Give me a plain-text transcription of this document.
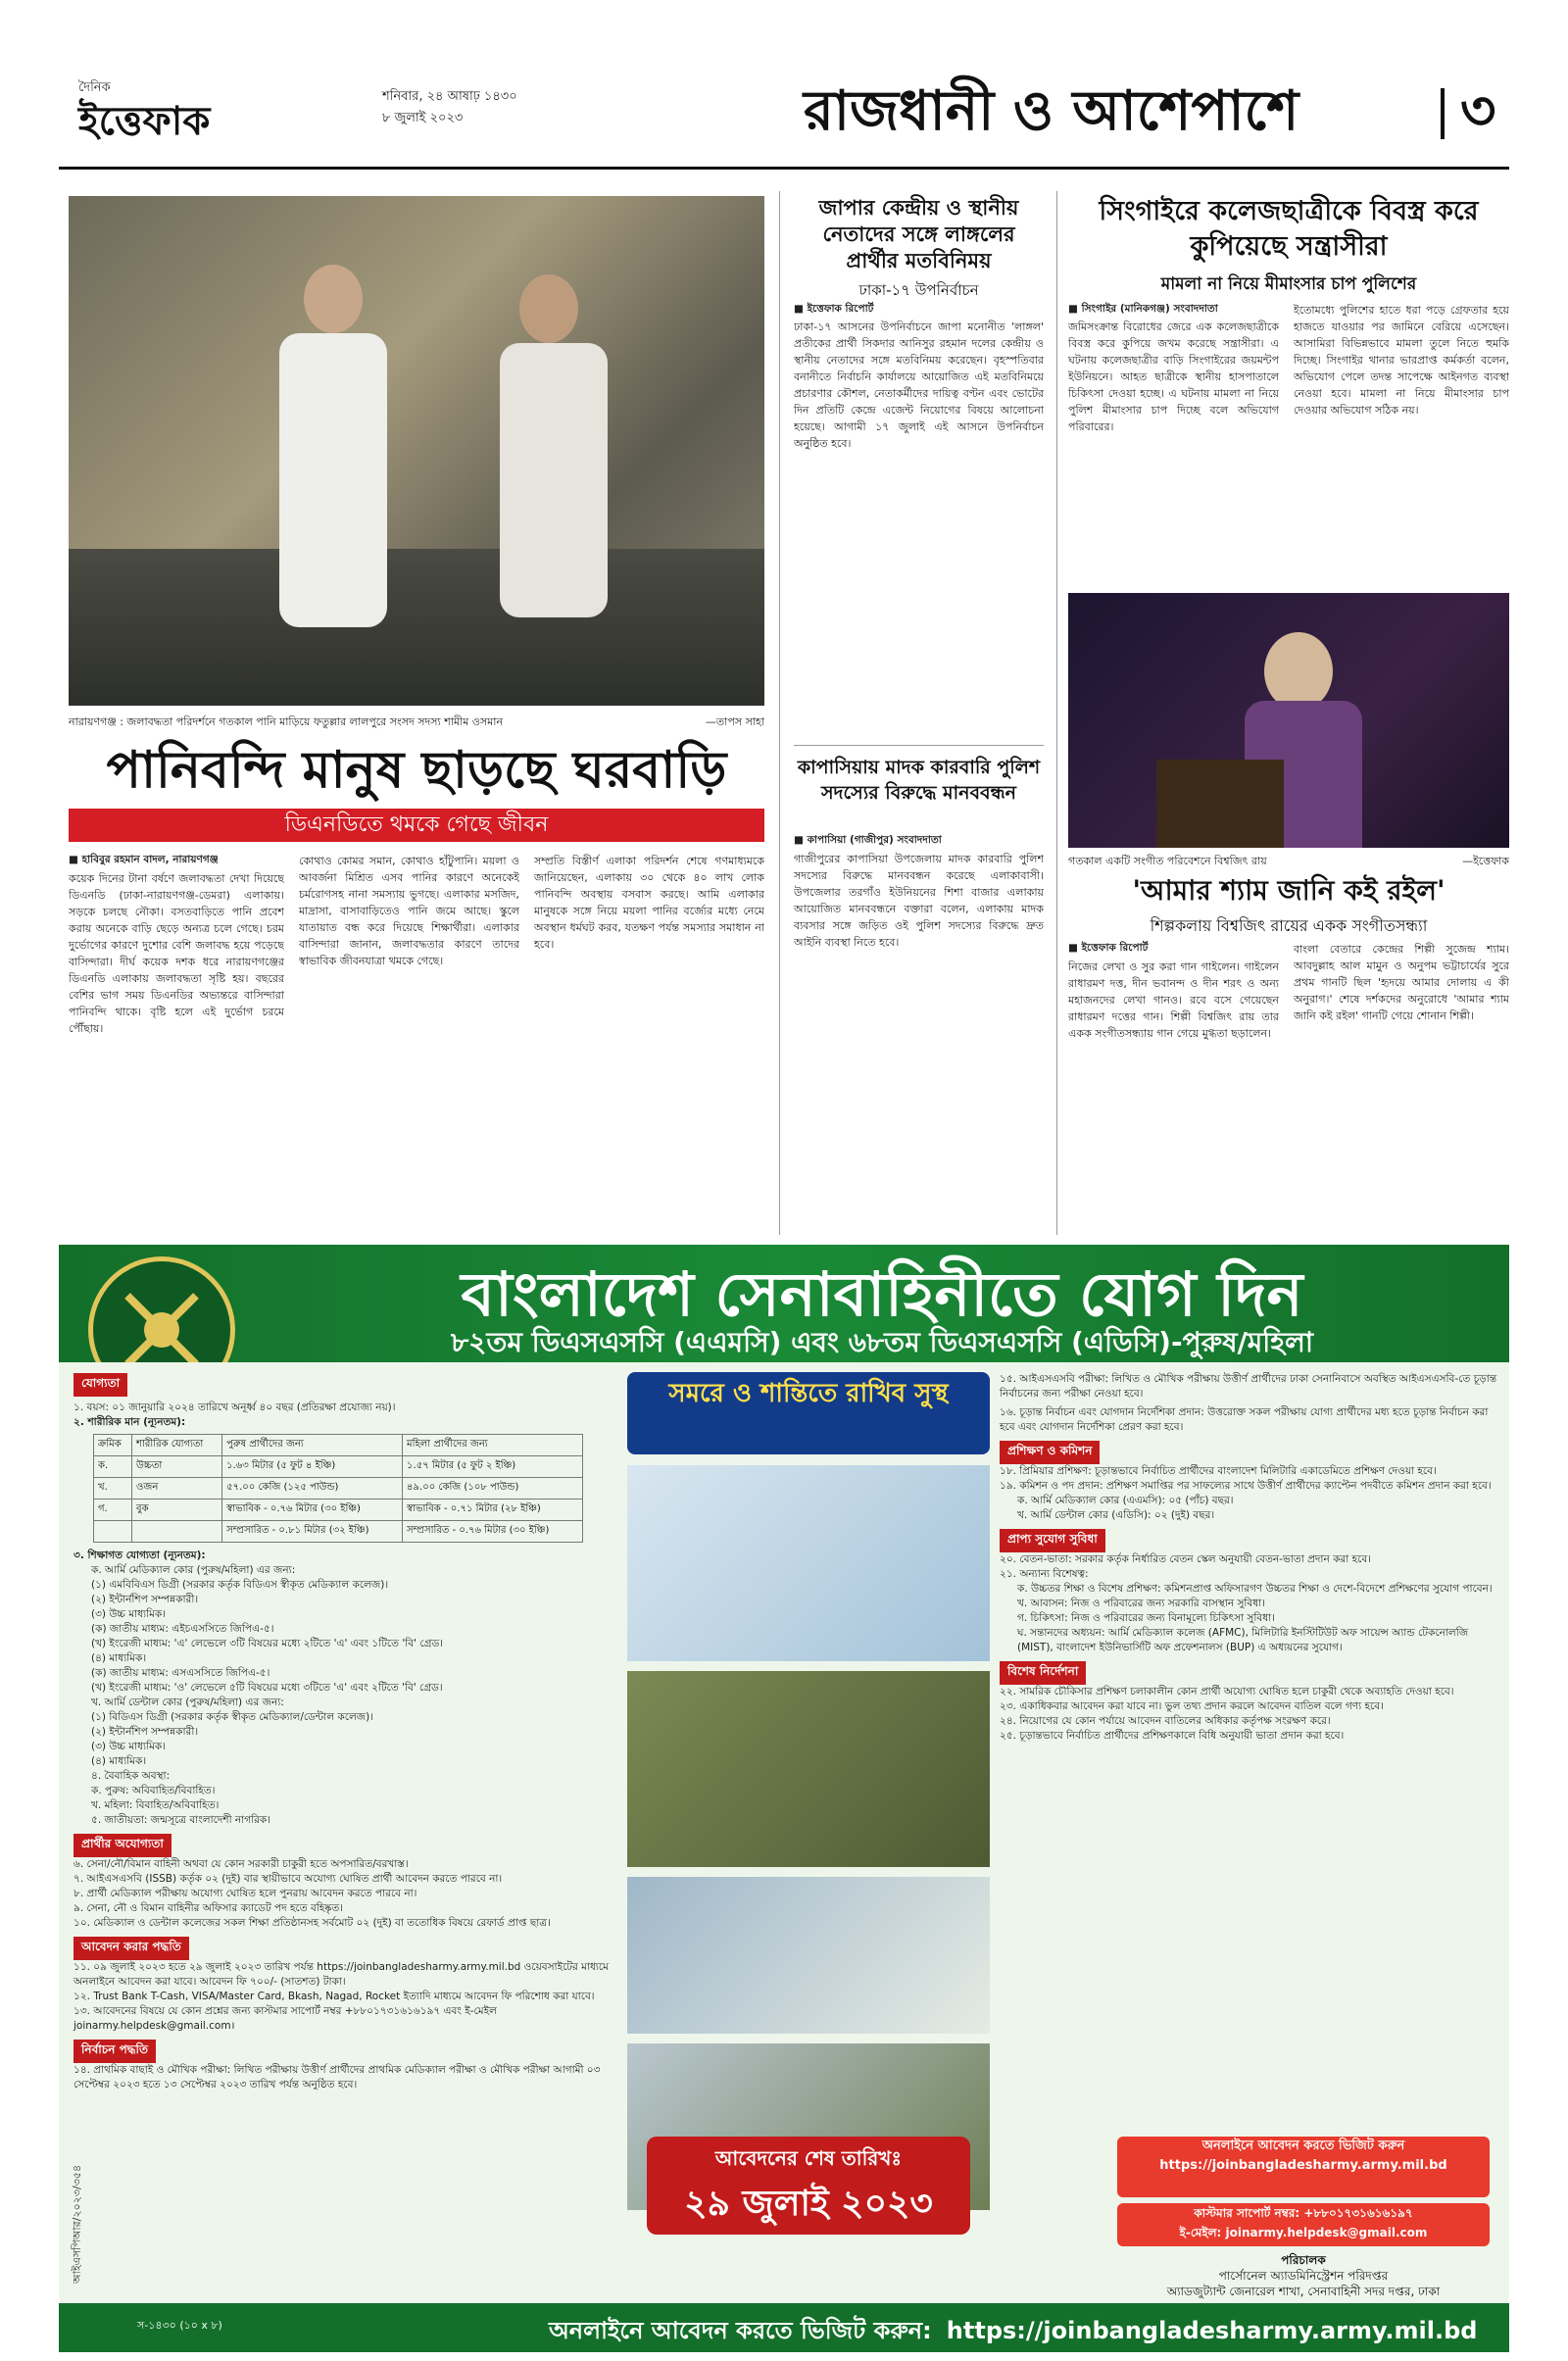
দৈনিক
ইত্তেফাক
শনিবার, ২৪ আষাঢ় ১৪৩০
৮ জুলাই ২০২৩	রাজধানী ও আশেপাশে	৩
নারায়ণগঞ্জ : জলাবদ্ধতা পরিদর্শনে গতকাল পানি মাড়িয়ে ফতুল্লার লালপুরে সংসদ সদস্য শামীম ওসমান	—তাপস সাহা
পানিবন্দি মানুষ ছাড়ছে ঘরবাড়ি
ডিএনডিতে থমকে গেছে জীবন
■ হাবিবুর রহমান বাদল, নারায়ণগঞ্জ
কয়েক দিনের টানা বর্ষণে জলাবদ্ধতা দেখা দিয়েছে ডিএনডি (ঢাকা-নারায়ণগঞ্জ-ডেমরা) এলাকায়। সড়কে চলছে নৌকা। বসতবাড়িতে পানি প্রবেশ করায় অনেকে বাড়ি ছেড়ে অন্যত্র চলে গেছে। চরম দুর্ভোগের কারণে দুশোর বেশি জলাবদ্ধ হয়ে পড়েছে বাসিন্দারা। দীর্ঘ কয়েক দশক ধরে নারায়ণগঞ্জের ডিএনডি এলাকায় জলাবদ্ধতা সৃষ্টি হয়। বছরের বেশির ভাগ সময় ডিএনডির অভ্যন্তরে বাসিন্দারা পানিবন্দি থাকে। বৃষ্টি হলে এই দুর্ভোগ চরমে পৌঁছায়।
কোথাও কোমর সমান, কোথাও হাঁটুপানি। ময়লা ও আবর্জনা মিশ্রিত এসব পানির কারণে অনেকেই চর্মরোগসহ নানা সমস্যায় ভুগছে। এলাকার মসজিদ, মাদ্রাসা, বাসাবাড়িতেও পানি জমে আছে। স্কুলে যাতায়াত বন্ধ করে দিয়েছে শিক্ষার্থীরা। এলাকার বাসিন্দারা জানান, জলাবদ্ধতার কারণে তাদের স্বাভাবিক জীবনযাত্রা থমকে গেছে।
সম্প্রতি বিস্তীর্ণ এলাকা পরিদর্শন শেষে গণমাধ্যমকে জানিয়েছেন, এলাকায় ৩০ থেকে ৪০ লাখ লোক পানিবন্দি অবস্থায় বসবাস করছে। আমি এলাকার মানুষকে সঙ্গে নিয়ে ময়লা পানির বর্জ্যের মধ্যে নেমে অবস্থান ধর্মঘট করব, যতক্ষণ পর্যন্ত সমস্যার সমাধান না হবে।
জাপার কেন্দ্রীয় ও স্থানীয় নেতাদের সঙ্গে লাঙ্গলের প্রার্থীর মতবিনিময়
ঢাকা-১৭ উপনির্বাচন
■ ইত্তেফাক রিপোর্ট
ঢাকা-১৭ আসনের উপনির্বাচনে জাপা মনোনীত 'লাঙ্গল' প্রতীকের প্রার্থী সিকদার আনিসুর রহমান দলের কেন্দ্রীয় ও স্থানীয় নেতাদের সঙ্গে মতবিনিময় করেছেন। বৃহস্পতিবার বনানীতে নির্বাচনি কার্যালয়ে আয়োজিত এই মতবিনিময়ে প্রচারণার কৌশল, নেতাকর্মীদের দায়িত্ব বণ্টন এবং ভোটের দিন প্রতিটি কেন্দ্রে এজেন্ট নিয়োগের বিষয়ে আলোচনা হয়েছে। আগামী ১৭ জুলাই এই আসনে উপনির্বাচন অনুষ্ঠিত হবে।
কাপাসিয়ায় মাদক কারবারি পুলিশ সদস্যের বিরুদ্ধে মানববন্ধন
■ কাপাসিয়া (গাজীপুর) সংবাদদাতা
গাজীপুরের কাপাসিয়া উপজেলায় মাদক কারবারি পুলিশ সদস্যের বিরুদ্ধে মানববন্ধন করেছে এলাকাবাসী। উপজেলার তরগাঁও ইউনিয়নের শিশা বাজার এলাকায় আয়োজিত মানববন্ধনে বক্তারা বলেন, এলাকায় মাদক ব্যবসার সঙ্গে জড়িত ওই পুলিশ সদস্যের বিরুদ্ধে দ্রুত আইনি ব্যবস্থা নিতে হবে।
সিংগাইরে কলেজছাত্রীকে বিবস্ত্র করে কুপিয়েছে সন্ত্রাসীরা
মামলা না নিয়ে মীমাংসার চাপ পুলিশের
■ সিংগাইর (মানিকগঞ্জ) সংবাদদাতা
জমিসংক্রান্ত বিরোধের জেরে এক কলেজছাত্রীকে বিবস্ত্র করে কুপিয়ে জখম করেছে সন্ত্রাসীরা। এ ঘটনায় কলেজছাত্রীর বাড়ি সিংগাইরের জয়মন্টপ ইউনিয়নে। আহত ছাত্রীকে স্থানীয় হাসপাতালে চিকিৎসা দেওয়া হচ্ছে। এ ঘটনায় মামলা না নিয়ে পুলিশ মীমাংসার চাপ দিচ্ছে বলে অভিযোগ পরিবারের।
ইতোমধ্যে পুলিশের হাতে ধরা পড়ে গ্রেফতার হয়ে হাজতে যাওয়ার পর জামিনে বেরিয়ে এসেছেন। আসামিরা বিভিন্নভাবে মামলা তুলে নিতে হুমকি দিচ্ছে। সিংগাইর থানার ভারপ্রাপ্ত কর্মকর্তা বলেন, অভিযোগ পেলে তদন্ত সাপেক্ষে আইনগত ব্যবস্থা নেওয়া হবে। মামলা না নিয়ে মীমাংসার চাপ দেওয়ার অভিযোগ সঠিক নয়।
গতকাল একটি সংগীত পরিবেশনে বিশ্বজিৎ রায়	—ইত্তেফাক
'আমার শ্যাম জানি কই রইল'
শিল্পকলায় বিশ্বজিৎ রায়ের একক সংগীতসন্ধ্যা
■ ইত্তেফাক রিপোর্ট
নিজের লেখা ও সুর করা গান গাইলেন। গাইলেন রাধারমণ দত্ত, দীন ভবানন্দ ও দীন শরৎ ও অন্য মহাজনদের লেখা গানও। রবে বসে গেয়েছেন রাধারমণ দত্তের গান। শিল্পী বিশ্বজিৎ রায় তার একক সংগীতসন্ধ্যায় গান গেয়ে মুগ্ধতা ছড়ালেন।
বাংলা বেতারে কেন্দ্রের শিল্পী সুজেন্দ্র শ্যাম। আবদুল্লাহ আল মামুন ও অনুপম ভট্টাচার্যের সুরে প্রথম গানটি ছিল 'হৃদয়ে আমার দোলায় এ কী অনুরাগ।' শেষে দর্শকদের অনুরোধে 'আমার শ্যাম জানি কই রইল' গানটি গেয়ে শোনান শিল্পী।
বাংলাদেশ সেনাবাহিনীতে যোগ দিন
৮২তম ডিএসএসসি (এএমসি) এবং ৬৮তম ডিএসএসসি (এডিসি)-পুরুষ/মহিলা
যোগ্যতা
১. বয়স: ০১ জানুয়ারি ২০২৪ তারিখে অনূর্ধ্ব ৪০ বছর (প্রতিরক্ষা প্রযোজ্য নয়)।
২. শারীরিক মান (ন্যূনতম):
ক্রমিক	শারীরিক যোগ্যতা	পুরুষ প্রার্থীদের জন্য	মহিলা প্রার্থীদের জন্য
ক.	উচ্চতা	১.৬৩ মিটার (৫ ফুট ৪ ইঞ্চি)	১.৫৭ মিটার (৫ ফুট ২ ইঞ্চি)
খ.	ওজন	৫৭.০০ কেজি (১২৫ পাউন্ড)	৪৯.০০ কেজি (১০৮ পাউন্ড)
গ.	বুক	স্বাভাবিক - ০.৭৬ মিটার (৩০ ইঞ্চি)	স্বাভাবিক - ০.৭১ মিটার (২৮ ইঞ্চি)
		সম্প্রসারিত - ০.৮১ মিটার (৩২ ইঞ্চি)	সম্প্রসারিত - ০.৭৬ মিটার (৩০ ইঞ্চি)
৩. শিক্ষাগত যোগ্যতা (ন্যূনতম):
ক. আর্মি মেডিক্যাল কোর (পুরুষ/মহিলা) এর জন্য:
(১) এমবিবিএস ডিগ্রী (সরকার কর্তৃক বিডিএস স্বীকৃত মেডিক্যাল কলেজ)।
(২) ইন্টার্নশিপ সম্পন্নকারী।
(৩) উচ্চ মাধ্যমিক।
(ক) জাতীয় মাধ্যম: এইচএসসিতে জিপিএ-৫।
(খ) ইংরেজী মাধ্যম: 'এ' লেভেলে ৩টি বিষয়ের মধ্যে ২টিতে 'এ' এবং ১টিতে 'বি' গ্রেড।
(৪) মাধ্যমিক।
(ক) জাতীয় মাধ্যম: এসএসসিতে জিপিএ-৫।
(খ) ইংরেজী মাধ্যম: 'ও' লেভেলে ৫টি বিষয়ের মধ্যে ৩টিতে 'এ' এবং ২টিতে 'বি' গ্রেড।
খ. আর্মি ডেন্টাল কোর (পুরুষ/মহিলা) এর জন্য:
(১) বিডিএস ডিগ্রী (সরকার কর্তৃক স্বীকৃত মেডিক্যাল/ডেন্টাল কলেজ)।
(২) ইন্টার্নশিপ সম্পন্নকারী।
(৩) উচ্চ মাধ্যমিক।
(৪) মাধ্যমিক।
৪. বৈবাহিক অবস্থা:
ক. পুরুষ: অবিবাহিত/বিবাহিত।
খ. মহিলা: বিবাহিত/অবিবাহিত।
৫. জাতীয়তা: জন্মসূত্রে বাংলাদেশী নাগরিক।
প্রার্থীর অযোগ্যতা
৬. সেনা/নৌ/বিমান বাহিনী অথবা যে কোন সরকারী চাকুরী হতে অপসারিত/বরখাস্ত।
৭. আইএসএসবি (ISSB) কর্তৃক ০২ (দুই) বার স্থায়ীভাবে অযোগ্য ঘোষিত প্রার্থী আবেদন করতে পারবে না।
৮. প্রার্থী মেডিক্যাল পরীক্ষায় অযোগ্য ঘোষিত হলে পুনরায় আবেদন করতে পারবে না।
৯. সেনা, নৌ ও বিমান বাহিনীর অফিসার ক্যাডেট পদ হতে বহিষ্কৃত।
১০. মেডিক্যাল ও ডেন্টাল কলেজের সকল শিক্ষা প্রতিষ্ঠানসহ সর্বমোট ০২ (দুই) বা ততোধিক বিষয়ে রেফার্ড প্রাপ্ত ছাত্র।
আবেদন করার পদ্ধতি
১১. ০৯ জুলাই ২০২৩ হতে ২৯ জুলাই ২০২৩ তারিখ পর্যন্ত https://joinbangladesharmy.army.mil.bd ওয়েবসাইটের মাধ্যমে অনলাইনে আবেদন করা যাবে। আবেদন ফি ৭০০/- (সাতশত) টাকা।
১২. Trust Bank T-Cash, VISA/Master Card, Bkash, Nagad, Rocket ইত্যাদি মাধ্যমে আবেদন ফি পরিশোধ করা যাবে।
১৩. আবেদনের বিষয়ে যে কোন প্রশ্নের জন্য কাস্টমার সাপোর্ট নম্বর +৮৮০১৭৩১৬১৬১৯৭ এবং ই-মেইল joinarmy.helpdesk@gmail.com।
নির্বাচন পদ্ধতি
১৪. প্রাথমিক বাছাই ও মৌখিক পরীক্ষা: লিখিত পরীক্ষায় উত্তীর্ণ প্রার্থীদের প্রাথমিক মেডিক্যাল পরীক্ষা ও মৌখিক পরীক্ষা আগামী ০৩ সেপ্টেম্বর ২০২৩ হতে ১৩ সেপ্টেম্বর ২০২৩ তারিখ পর্যন্ত অনুষ্ঠিত হবে।
সমরে ও শান্তিতে রাখিব সুস্থ
আবেদনের শেষ তারিখঃ
২৯ জুলাই ২০২৩
১৫. আইএসএসবি পরীক্ষা: লিখিত ও মৌখিক পরীক্ষায় উত্তীর্ণ প্রার্থীদের ঢাকা সেনানিবাসে অবস্থিত আইএসএসবি-তে চূড়ান্ত নির্বাচনের জন্য পরীক্ষা নেওয়া হবে।
১৬. চূড়ান্ত নির্বাচন এবং যোগদান নির্দেশিকা প্রদান: উত্তরোক্ত সকল পরীক্ষায় যোগ্য প্রার্থীদের মধ্য হতে চূড়ান্ত নির্বাচন করা হবে এবং যোগদান নির্দেশিকা প্রেরণ করা হবে।
প্রশিক্ষণ ও কমিশন
১৮. প্রিমিয়ার প্রশিক্ষণ: চূড়ান্তভাবে নির্বাচিত প্রার্থীদের বাংলাদেশ মিলিটারি একাডেমিতে প্রশিক্ষণ দেওয়া হবে।
১৯. কমিশন ও পদ প্রদান: প্রশিক্ষণ সমাপ্তির পর সাফল্যের সাথে উত্তীর্ণ প্রার্থীদের ক্যাপ্টেন পদবীতে কমিশন প্রদান করা হবে।
ক. আর্মি মেডিক্যাল কোর (এএমসি): ০৫ (পাঁচ) বছর।
খ. আর্মি ডেন্টাল কোর (এডিসি): ০২ (দুই) বছর।
প্রাপ্য সুযোগ সুবিধা
২০. বেতন-ভাতা: সরকার কর্তৃক নির্ধারিত বেতন স্কেল অনুযায়ী বেতন-ভাতা প্রদান করা হবে।
২১. অন্যান্য বিশেষত্ব:
ক. উচ্চতর শিক্ষা ও বিশেষ প্রশিক্ষণ: কমিশনপ্রাপ্ত অফিসারগণ উচ্চতর শিক্ষা ও দেশে-বিদেশে প্রশিক্ষণের সুযোগ পাবেন।
খ. আবাসন: নিজ ও পরিবারের জন্য সরকারি বাসস্থান সুবিধা।
গ. চিকিৎসা: নিজ ও পরিবারের জন্য বিনামূল্যে চিকিৎসা সুবিধা।
ঘ. সন্তানদের অধ্যয়ন: আর্মি মেডিক্যাল কলেজ (AFMC), মিলিটারি ইনস্টিটিউট অফ সায়েন্স অ্যান্ড টেকনোলজি (MIST), বাংলাদেশ ইউনিভার্সিটি অফ প্রফেশনালস (BUP) এ অধ্যয়নের সুযোগ।
বিশেষ নির্দেশনা
২২. সামরিক চৌকিসার প্রশিক্ষণ চলাকালীন কোন প্রার্থী অযোগ্য ঘোষিত হলে চাকুরী থেকে অব্যাহতি দেওয়া হবে।
২৩. একাধিকবার আবেদন করা যাবে না। ভুল তথ্য প্রদান করলে আবেদন বাতিল বলে গণ্য হবে।
২৪. নিয়োগের যে কোন পর্যায়ে আবেদন বাতিলের অধিকার কর্তৃপক্ষ সংরক্ষণ করে।
২৫. চূড়ান্তভাবে নির্বাচিত প্রার্থীদের প্রশিক্ষণকালে বিধি অনুযায়ী ভাতা প্রদান করা হবে।
অনলাইনে আবেদন করতে ভিজিট করুন
https://joinbangladesharmy.army.mil.bd
কাস্টমার সাপোর্ট নম্বর: +৮৮০১৭৩১৬১৬১৯৭
ই-মেইল: joinarmy.helpdesk@gmail.com
পরিচালক
পার্সোনেল অ্যাডমিনিস্ট্রেশন পরিদপ্তর
অ্যাডজুট্যান্ট জেনারেল শাখা, সেনাবাহিনী সদর দপ্তর, ঢাকা
আইএসপিআর/২০২৩/৩৫৪
স-১৪৩০ (১০ x ৮)	অনলাইনে আবেদন করতে ভিজিট করুন: https://joinbangladesharmy.army.mil.bd
